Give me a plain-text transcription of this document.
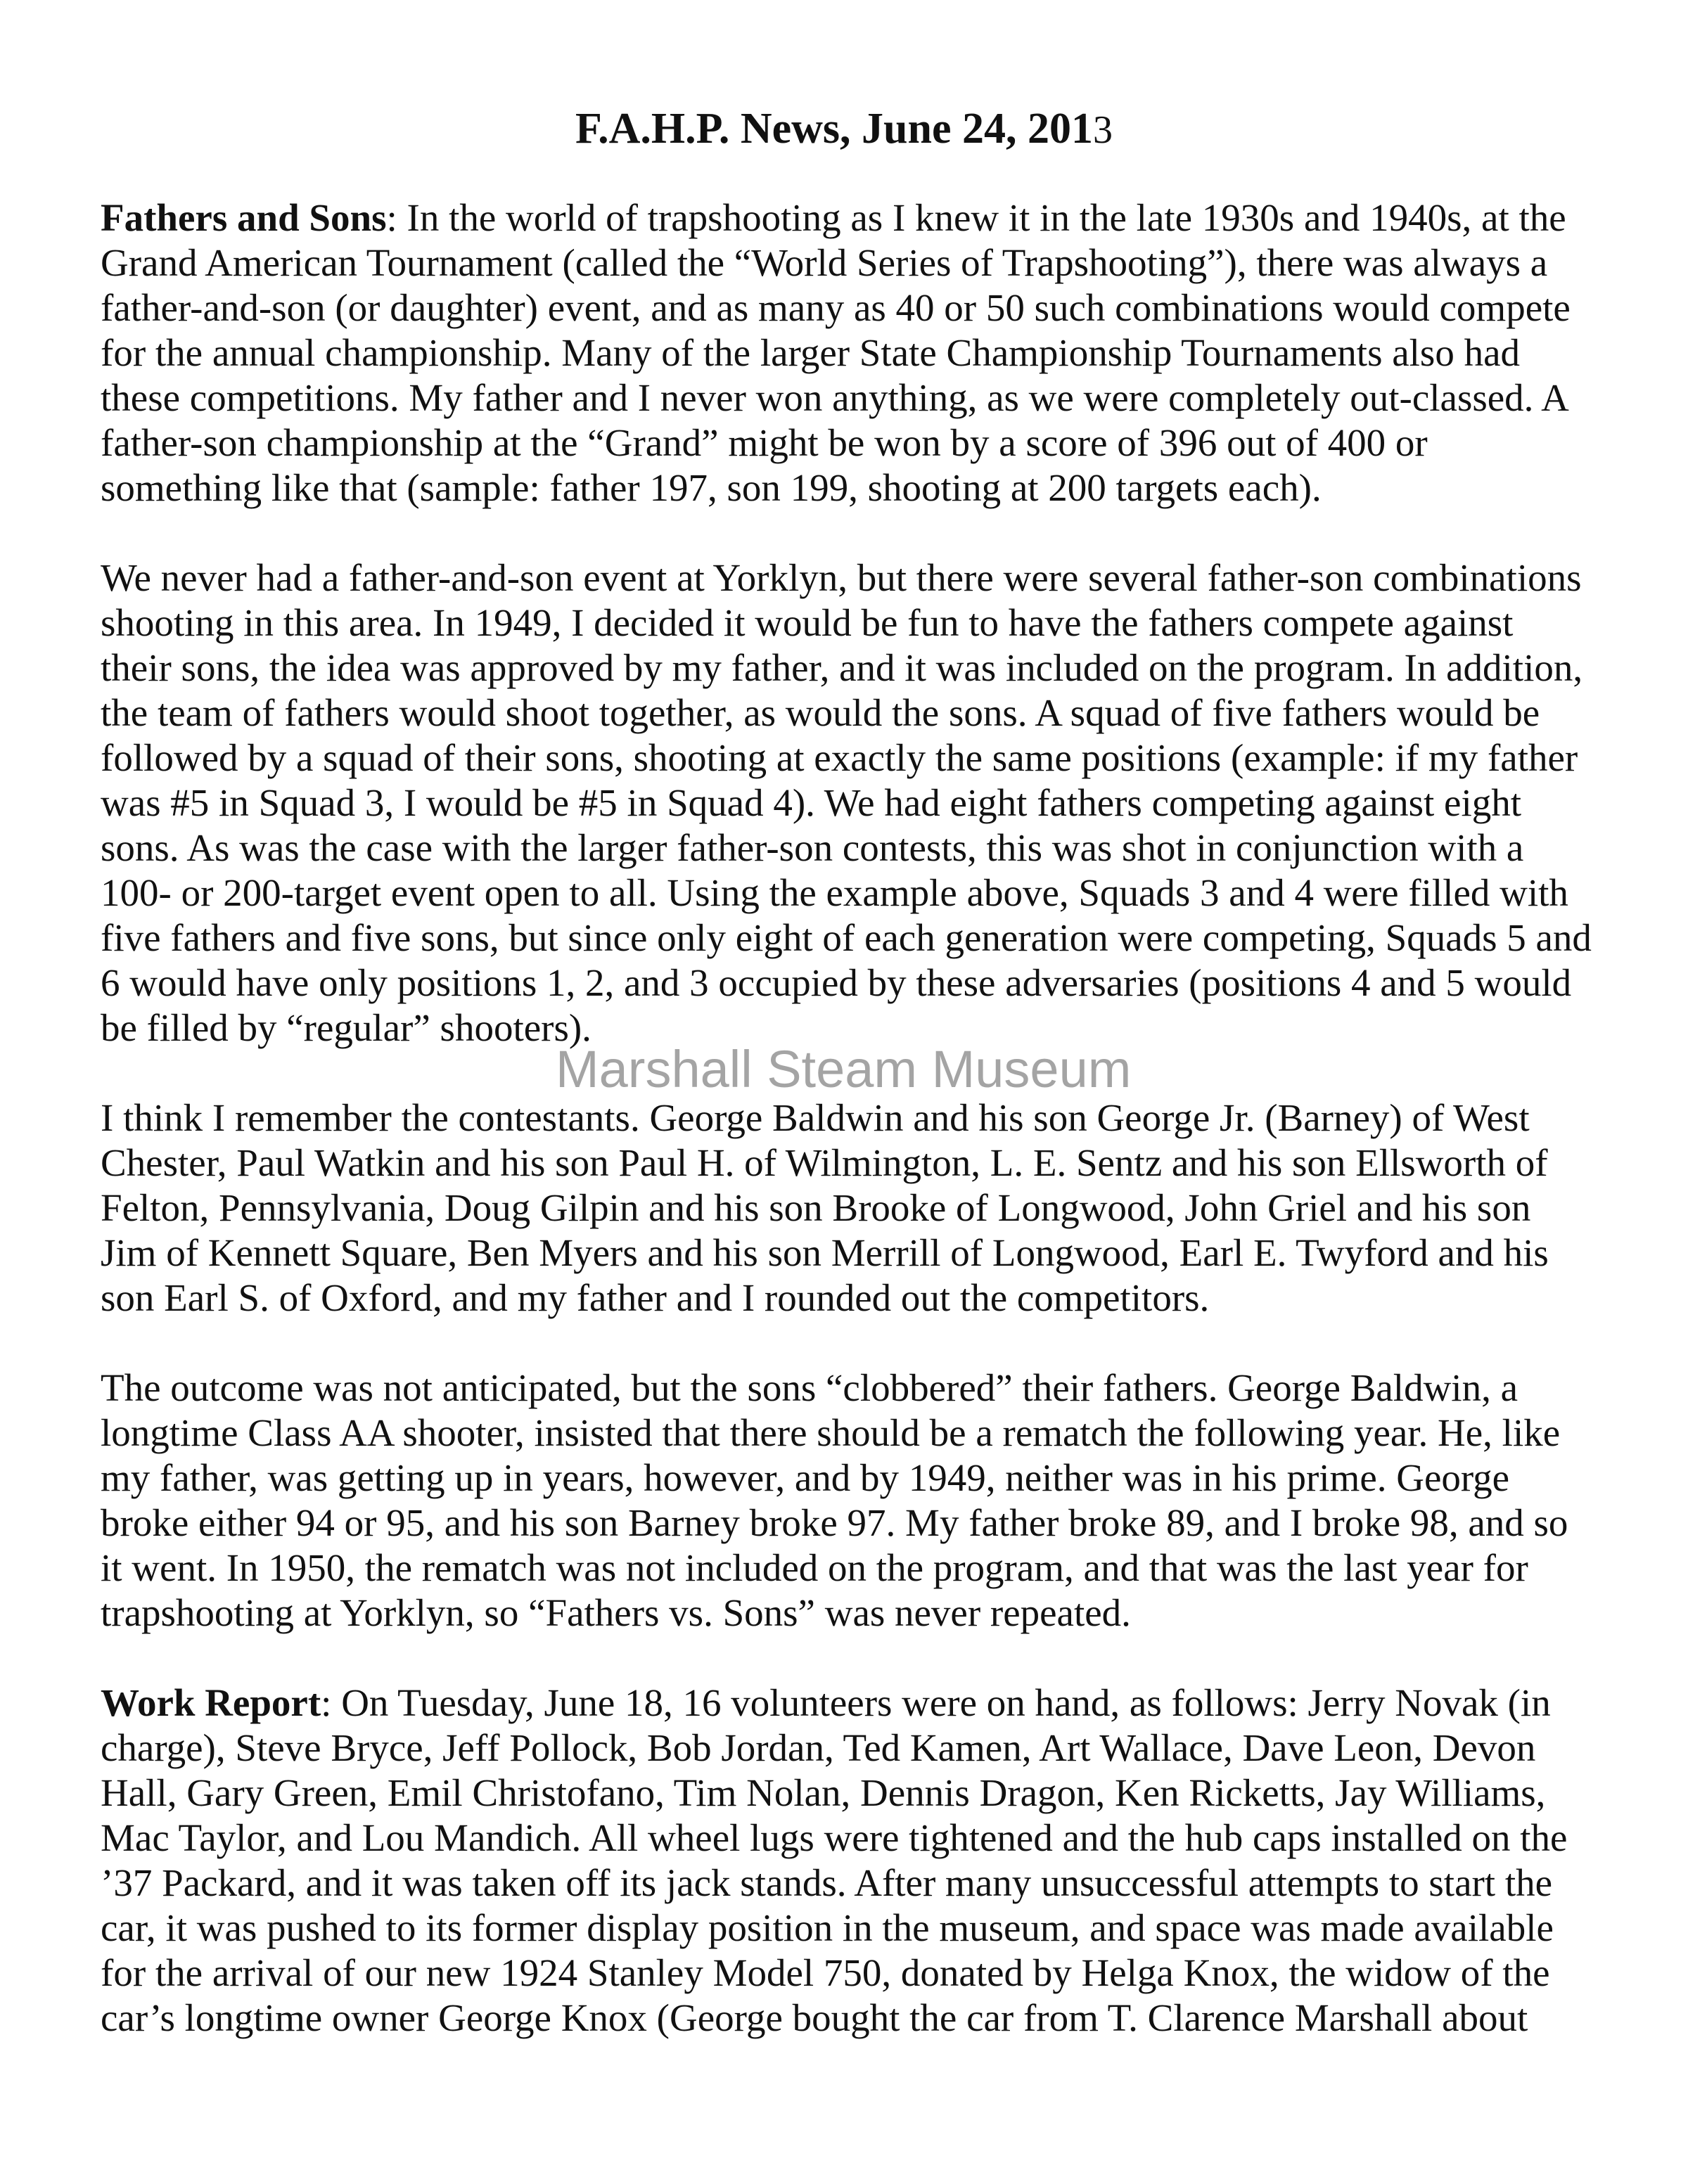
F.A.H.P. News, June 24, 2013

Fathers and Sons: In the world of trapshooting as I knew it in the late 1930s and 1940s, at the
Grand American Tournament (called the “World Series of Trapshooting”), there was always a
father-and-son (or daughter) event, and as many as 40 or 50 such combinations would compete
for the annual championship. Many of the larger State Championship Tournaments also had
these competitions. My father and I never won anything, as we were completely out-classed. A
father-son championship at the “Grand” might be won by a score of 396 out of 400 or
something like that (sample: father 197, son 199, shooting at 200 targets each).

We never had a father-and-son event at Yorklyn, but there were several father-son combinations
shooting in this area. In 1949, I decided it would be fun to have the fathers compete against
their sons, the idea was approved by my father, and it was included on the program. In addition,
the team of fathers would shoot together, as would the sons. A squad of five fathers would be
followed by a squad of their sons, shooting at exactly the same positions (example: if my father
was #5 in Squad 3, I would be #5 in Squad 4). We had eight fathers competing against eight
sons. As was the case with the larger father-son contests, this was shot in conjunction with a
100- or 200-target event open to all. Using the example above, Squads 3 and 4 were filled with
five fathers and five sons, but since only eight of each generation were competing, Squads 5 and
6 would have only positions 1, 2, and 3 occupied by these adversaries (positions 4 and 5 would
be filled by “regular” shooters).

I think I remember the contestants. George Baldwin and his son George Jr. (Barney) of West
Chester, Paul Watkin and his son Paul H. of Wilmington, L. E. Sentz and his son Ellsworth of
Felton, Pennsylvania, Doug Gilpin and his son Brooke of Longwood, John Griel and his son
Jim of Kennett Square, Ben Myers and his son Merrill of Longwood, Earl E. Twyford and his
son Earl S. of Oxford, and my father and I rounded out the competitors.

The outcome was not anticipated, but the sons “clobbered” their fathers. George Baldwin, a
longtime Class AA shooter, insisted that there should be a rematch the following year. He, like
my father, was getting up in years, however, and by 1949, neither was in his prime. George
broke either 94 or 95, and his son Barney broke 97. My father broke 89, and I broke 98, and so
it went. In 1950, the rematch was not included on the program, and that was the last year for
trapshooting at Yorklyn, so “Fathers vs. Sons” was never repeated.

Work Report: On Tuesday, June 18, 16 volunteers were on hand, as follows: Jerry Novak (in
charge), Steve Bryce, Jeff Pollock, Bob Jordan, Ted Kamen, Art Wallace, Dave Leon, Devon
Hall, Gary Green, Emil Christofano, Tim Nolan, Dennis Dragon, Ken Ricketts, Jay Williams,
Mac Taylor, and Lou Mandich. All wheel lugs were tightened and the hub caps installed on the
’37 Packard, and it was taken off its jack stands. After many unsuccessful attempts to start the
car, it was pushed to its former display position in the museum, and space was made available
for the arrival of our new 1924 Stanley Model 750, donated by Helga Knox, the widow of the
car’s longtime owner George Knox (George bought the car from T. Clarence Marshall about

Marshall Steam Museum
